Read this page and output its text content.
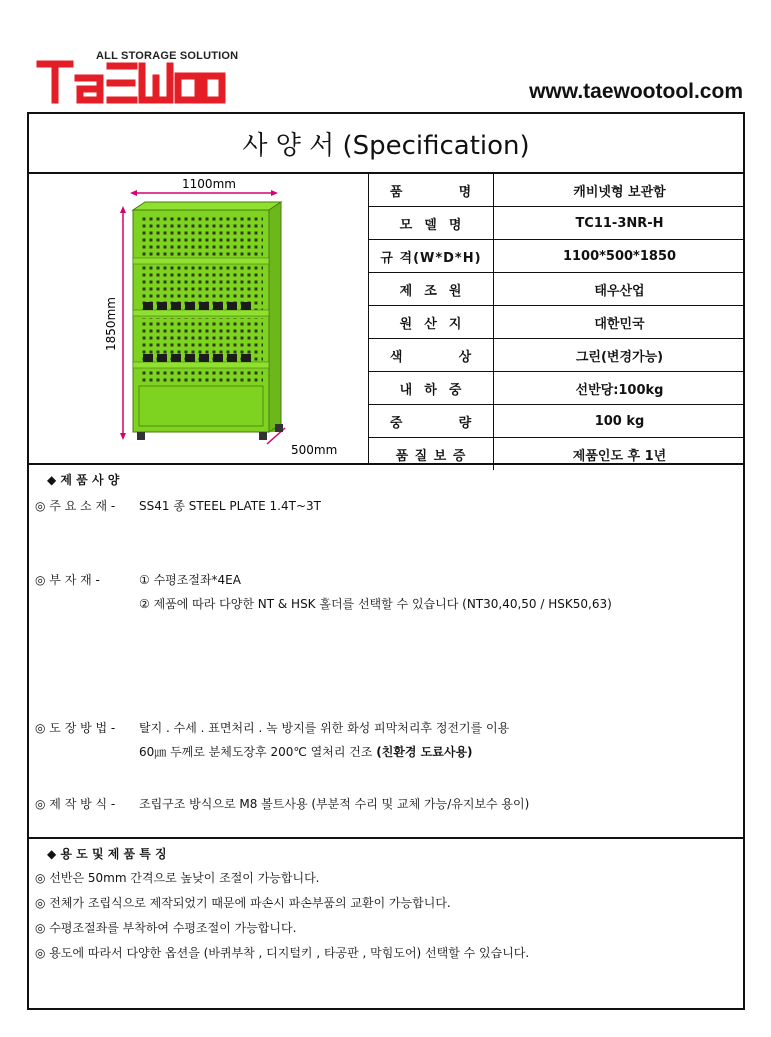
ALL STORAGE SOLUTION
www.taewootool.com
사 양 서 (Specification)
1100mm
1850mm
500mm
품          명	캐비넷형 보관함
모  델  명	TC11-3NR-H
규 격(W*D*H)	1100*500*1850
제  조  원	태우산업
원  산  지	대한민국
색          상	그린(변경가능)
내  하  중	선반당:100kg
중          량	100 kg
품 질 보 증	제품인도 후 1년
◆ 제 품 사 양
◎ 주 요 소 재 - SS41 종 STEEL PLATE 1.4T~3T
◎ 부 자 재 -	① 수평조절좌*4EA
② 제품에 따라 다양한 NT & HSK 홀더를 선택할 수 있습니다 (NT30,40,50 / HSK50,63)
◎ 도 장 방 법 - 탈지 . 수세 . 표면처리 . 녹 방지를 위한 화성 피막처리후 정전기를 이용
60㎛ 두께로 분체도장후 200℃ 열처리 건조 (친환경 도료사용)
◎ 제 작 방 식 - 조립구조 방식으로 M8 볼트사용 (부분적 수리 및 교체 가능/유지보수 용이)
◆ 용 도 및 제 품 특 징
◎ 선반은 50mm 간격으로 높낮이 조절이 가능합니다.
◎ 전체가 조립식으로 제작되었기 때문에 파손시 파손부품의 교환이 가능합니다.
◎ 수평조절좌를 부착하여 수평조절이 가능합니다.
◎ 용도에 따라서 다양한 옵션을 (바퀴부착 , 디지털키 , 타공판 , 막힘도어) 선택할 수 있습니다.
